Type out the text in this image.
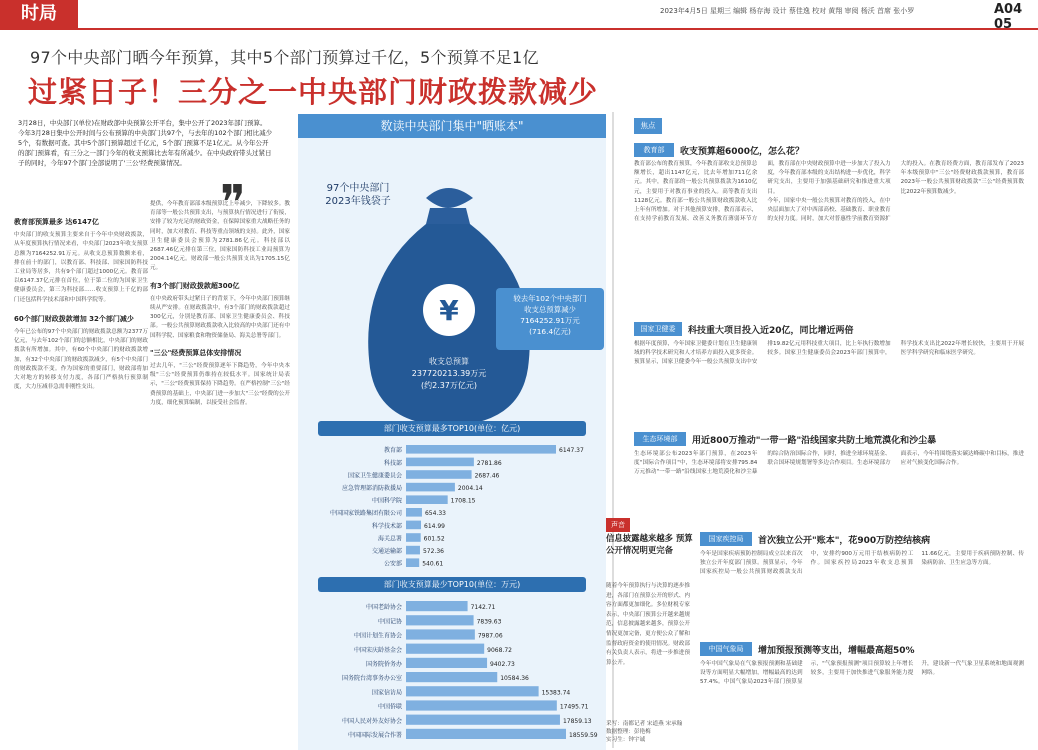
时局	2023年4月5日 星期三 编辑 杨存海 设计 蔡佳逸 校对 黄翔 审阅 杨沃 首席 张小罗	A04 05
97个中央部门晒今年预算，其中5个部门预算过千亿，5个预算不足1亿
过紧日子！三分之一中央部门财政拨款减少
3月28日，中央部门(单位)在财政部中央预算公开平台，集中公开了2023年部门预算。今年3月28日集中公开时间与公布预算的中央部门共97个，与去年的102个部门相比减少5个，有数据可查。其中5个部门预算超过千亿元，5个部门预算不足1亿元。从今年公开的部门预算看，有三分之一部门今年的收支预算比去年有所减少。在中央政府带头过紧日子的同时，今年97个部门全部说明了'三公'经费预算情况。
❞
教育部预算最多 达6147亿
中央部门的收支预算主要来自于今年中央财政拨款，从年度预算执行情况来看，中央部门2023年收支预算总额为7164252.91万元。从收支总预算数额来看，排在前十的部门，以教育部、科技部、国家国防科技工业局等居多，共有9个部门超过1000亿元。教育部以6147.37亿元排在首位，位于第二位的为国家卫生健康委员会，第三为科技部……收支预算上千亿的部门还包括科学技术部和中国科学院等。
60个部门财政拨款增加 32个部门减少
今年已公布的97个中央部门的财政拨款总额为2377万亿元，与去年102个部门的总额相比，中央部门的财政拨款有所增加。其中，有60个中央部门的财政拨款增加，有32个中央部门的财政拨款减少，有5个中央部门的财政拨款不变。作为国家的重要部门，财政部将加大对地方的转移支付力度，各部门严格执行预算制度，大力压减非急需非刚性支出。
提供，今年教育部部本级预算比上年减少，下降较多。教育部等一般公共预算支出，与预算执行情况进行了衔接，安排了较为充足的财政资金，在保障国家重大战略任务的同时，加大对教育、科技等重点领域的支持。此外，国家卫生健康委员会预算为2781.86亿元。科技部以2687.46亿元排在第三位，国家国防科技工业局预算为2004.14亿元。财政部一般公共预算支出为1705.15亿元。
有3个部门财政拨款超300亿
在中央政府带头过紧日子的背景下，今年中央部门预算继续从严安排。在财政拨款中，有3个部门的财政拨款超过300亿元，分别是教育部、国家卫生健康委员会、科技部。一般公共预算财政拨款收入比较高的中央部门还有中国科学院、国家粮食和物资储备局、海关总署等部门。
"三公"经费预算总体安排情况
过去几年，"三公"经费预算逐年下降趋势，今年中央本级"三公"经费预算仍维持在较低水平。国家统计局表示，"三公"经费预算保持下降趋势。在严格控制"三公"经费预算的基础上，中央部门进一步加大"三公"经费的公开力度，细化预算编制，以接受社会监督。
数读中央部门集中"晒账本"
97个中央部门
2023年钱袋子
¥	较去年102个中央部门
收支总预算减少
7164252.91万元
(716.4亿元)
收支总预算
237720213.39万元
(约2.37万亿元)
部门收支预算最多TOP10(单位：亿元)
教育部	6147.37
科技部	2781.86
国家卫生健康委员会	2687.46
应急管理部消防救援局	2004.14
中国科学院	1708.15
中国国家铁路集团有限公司	654.33
科学技术部	614.99
海关总署	601.52
交通运输部	572.36
公安部	540.61
部门收支预算最少TOP10(单位：万元)
中国老龄协会	7142.71
中国记协	7839.63
中国计划生育协会	7987.06
中国宋庆龄基金会	9068.72
国务院侨务办	9402.73
国务院台湾事务办公室	10584.36
国家信访局	15383.74
中国侨联	17495.71
中国人民对外友好协会	17859.13
中国国际发展合作署	18559.59
焦点
教育部	收支预算超6000亿，怎么花？
教育部公布的教育预算，今年教育部收支总预算总额增长，超出1147亿元，比去年增加711亿余元。其中，教育部的一般公共预算拨款为1610亿元，主要用于对教育事业的投入。高等教育支出1128亿元。教育部一般公共预算财政拨款收入比上年有所增加。对于其他预算安排，教育部表示，在支持学前教育发展、改善义务教育薄弱环节方面，教育部在中央财政预算中进一步加大了投入力度，今年教育部本级的支出结构进一步优化，科学研究支出，主要用于加强基础研究和推进重大项目。
今年，国家中央一般公共预算对教育的投入，在中央层面加大了对中西部高校、基础教育、职业教育的支持力度。同时，加大对普惠性学前教育资源扩大的投入。在教育经费方面，教育部发布了2023年本级预算中"三公"经费财政拨款预算，教育部2023年一般公共预算财政拨款"三公"经费预算数比2022年预算数减少。
国家卫健委	科技重大项目投入近20亿，同比增近两倍
根据年度预算，今年国家卫健委计划在卫生健康领域的科学技术研究和人才培养方面投入更多资金。预算显示，国家卫健委今年一般公共预算支出中安排19.82亿元用科技重大项目，比上年执行数增加较多。国家卫生健康委员会2023年部门预算中，科学技术支出比2022年增长较快，主要用于开展医学科学研究和临床医学研究。
生态环境部	用近800万推动"一带一路"沿线国家共防土地荒漠化和沙尘暴
生态环境部公布2023年部门预算，在2023年度"国际合作项目"中，生态环境部将安排795.84万元推动"一带一路"沿线国家土地荒漠化和沙尘暴的综合防治国际合作，同时，推进全球环境基金、联合国环境规划署等多边合作项目。生态环境部方面表示，今年将围绕落实碳达峰碳中和目标，推进应对气候变化国际合作。
声音
信息披露越来越多 预算公开情况明更完备
随着今年预算执行与决算的逐步推进，各部门在预算公开的形式、内容方面都更加细化。多位财税专家表示，中央部门预算公开越来越规范，信息披露越来越多，预算公开情况更加完备，更方便公众了解和监督政府资金的使用情况。财政部有关负责人表示，将进一步推进预算公开。
采写：南都记者 宋道燕 宋承翰
数据整理：彭艳梅
实习生：钟宇诚
国家疾控局	首次独立公开"账本"，花900万防控结核病
今年是国家疾病预防控制局成立以来首次独立公开年度部门预算。预算显示，今年国家疾控局一般公共预算财政拨款支出中，安排约900万元用于结核病防控工作。国家疾控局2023年收支总预算11.66亿元，主要用于疾病预防控制、传染病防治、卫生应急等方面。
中国气象局	增加预报预测等支出，增幅最高超50%
今年中国气象局在气象预报预测和基础建设等方面明显大幅增加，增幅最高的达到57.4%。中国气象局2023年部门预算显示，"气象预报预测"项目预算较上年增长较多，主要用于加快推进气象服务能力提升，建设新一代气象卫星系统和地面观测网络。
